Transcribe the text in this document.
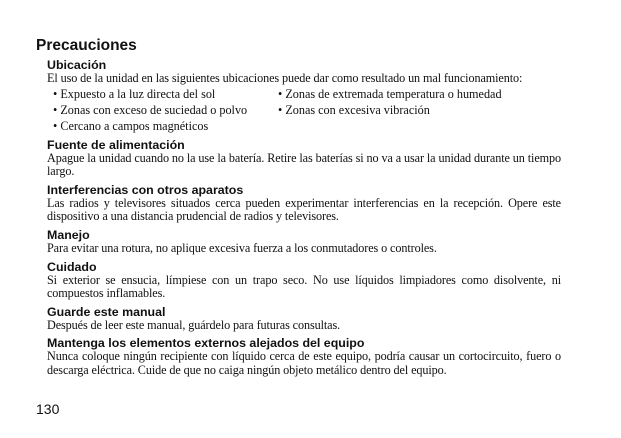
Precauciones

Ubicación

El uso de la unidad en las siguientes ubicaciones puede dar como resultado un mal funcionamiento:

• Expuesto a la luz directa del sol	• Zonas de extremada temperatura o humedad
• Zonas con exceso de suciedad o polvo	• Zonas con excesiva vibración
• Cercano a campos magnéticos

Fuente de alimentación

Apague la unidad cuando no la use la batería. Retire las baterías si no va a usar la unidad durante un tiempo largo.

Interferencias con otros aparatos

Las radios y televisores situados cerca pueden experimentar interferencias en la recepción. Opere este dispositivo a una distancia prudencial de radios y televisores.

Manejo

Para evitar una rotura, no aplique excesiva fuerza a los conmutadores o controles.

Cuidado

Si exterior se ensucia, límpiese con un trapo seco. No use líquidos limpiadores como disolvente, ni compuestos inflamables.

Guarde este manual

Después de leer este manual, guárdelo para futuras consultas.

Mantenga los elementos externos alejados del equipo

Nunca coloque ningún recipiente con líquido cerca de este equipo, podría causar un cortocircuito, fuero o descarga eléctrica. Cuide de que no caiga ningún objeto metálico dentro del equipo.

130
